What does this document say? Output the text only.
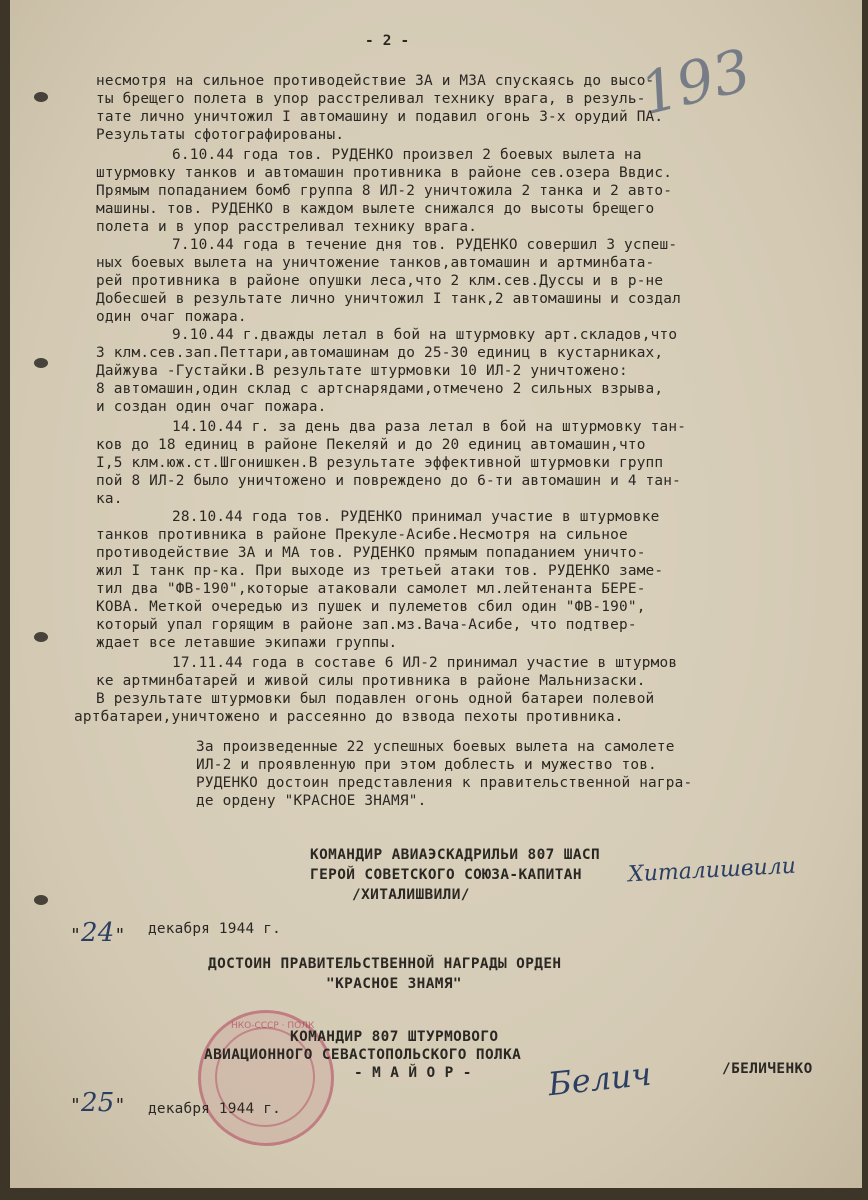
- 2 -	193
несмотря на сильное противодействие ЗА и МЗА спускаясь до высо-
ты брещего полета в упор расстреливал технику врага, в резуль-
тате лично уничтожил I автомашину и подавил огонь 3-х орудий ПА.
Результаты сфотографированы.
6.10.44 года тов. РУДЕНКО произвел 2 боевых вылета на
штурмовку танков и автомашин противника в районе сев.озера Ввдис.
Прямым попаданием бомб группа 8 ИЛ-2 уничтожила 2 танка и 2 авто-
машины. тов. РУДЕНКО в каждом вылете снижался до высоты брещего
полета и в упор расстреливал технику врага.
7.10.44 года в течение дня тов. РУДЕНКО совершил 3 успеш-
ных боевых вылета на уничтожение танков,автомашин и артминбата-
рей противника в районе опушки леса,что 2 клм.сев.Дуссы и в р-не
Добесшей в результате лично уничтожил I танк,2 автомашины и создал
один очаг пожара.
9.10.44 г.дважды летал в бой на штурмовку арт.складов,что
3 клм.сев.зап.Петтари,автомашинам до 25-30 единиц в кустарниках,
Дайжува -Густайки.В результате штурмовки 10 ИЛ-2 уничтожено:
8 автомашин,один склад с артснарядами,отмечено 2 сильных взрыва,
и создан один очаг пожара.
14.10.44 г. за день два раза летал в бой на штурмовку тан-
ков до 18 единиц в районе Пекеляй и до 20 единиц автомашин,что
I,5 клм.юж.ст.Шгонишкен.В результате эффективной штурмовки групп
пой 8 ИЛ-2 было уничтожено и повреждено до 6-ти автомашин и 4 тан-
ка.
28.10.44 года тов. РУДЕНКО принимал участие в штурмовке
танков противника в районе Прекуле-Асибе.Несмотря на сильное
противодействие ЗА и МА тов. РУДЕНКО прямым попаданием уничто-
жил I танк пр-ка. При выходе из третьей атаки тов. РУДЕНКО заме-
тил два "ФВ-190",которые атаковали самолет мл.лейтенанта БЕРЕ-
КОВА. Меткой очередью из пушек и пулеметов сбил один "ФВ-190",
который упал горящим в районе зап.мз.Вача-Асибе, что подтвер-
ждает все летавшие экипажи группы.
17.11.44 года в составе 6 ИЛ-2 принимал участие в штурмов
ке артминбатарей и живой силы противника в районе Мальнизаски.
В результате штурмовки был подавлен огонь одной батареи полевой
артбатареи,уничтожено и рассеянно до взвода пехоты противника.
За произведенные 22 успешных боевых вылета на самолете
ИЛ-2 и проявленную при этом доблесть и мужество тов.
РУДЕНКО достоин представления к правительственной награ-
де ордену "КРАСНОЕ ЗНАМЯ".
КОМАНДИР АВИАЭСКАДРИЛЬИ 807 ШАСП
ГЕРОЙ СОВЕТСКОГО СОЮЗА-КАПИТАН Хиталишвили
/ХИТАЛИШВИЛИ/
"24" декабря 1944 г.
ДОСТОИН ПРАВИТЕЛЬСТВЕННОЙ НАГРАДЫ ОРДЕН
"КРАСНОЕ ЗНАМЯ"
НКО-СССР · ПОЛК
КОМАНДИР 807 ШТУРМОВОГО
АВИАЦИОННОГО СЕВАСТОПОЛЬСКОГО ПОЛКА
- М А Й О Р - Белич	/БЕЛИЧЕНКО
"25" декабря 1944 г.
